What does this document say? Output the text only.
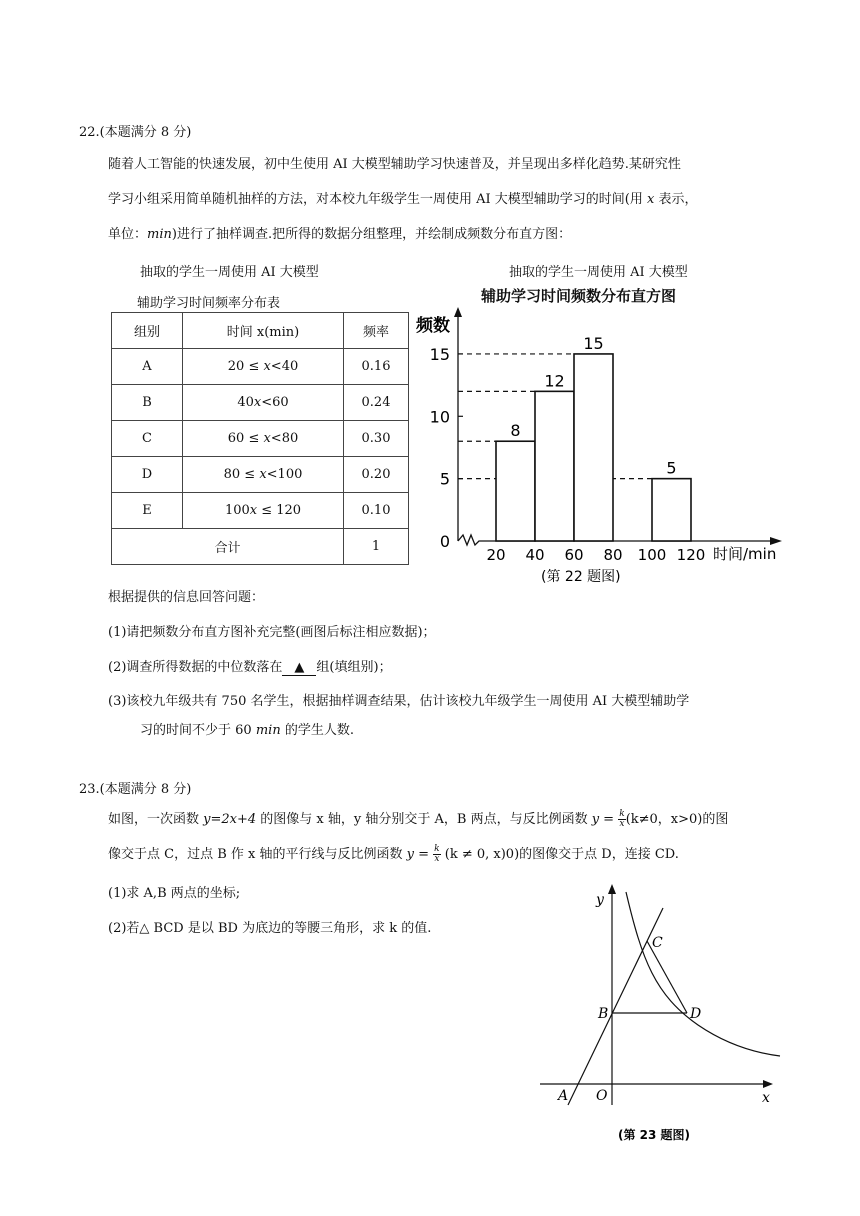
22.(本题满分 8 分)
随着人工智能的快速发展，初中生使用 AI 大模型辅助学习快速普及，并呈现出多样化趋势.某研究性
学习小组采用简单随机抽样的方法，对本校九年级学生一周使用 AI 大模型辅助学习的时间(用 x 表示，
单位：min)进行了抽样调查.把所得的数据分组整理，并绘制成频数分布直方图：
抽取的学生一周使用 AI 大模型
辅助学习时间频率分布表
组别	时间 x(min)	频率
A	20 ≤ 𝑥<40	0.16
B	40𝑥<60	0.24
C	60 ≤ 𝑥<80	0.30
D	80 ≤ 𝑥<100	0.20
E	100𝑥 ≤ 120	0.10
合计		1
抽取的学生一周使用 AI 大模型
辅助学习时间频数分布直方图
8
12
15
5
0
5
10
15
20 40 60 80 100 120
频数
时间/min
(第 22 题图)
根据提供的信息回答问题：
(1)请把频数分布直方图补充完整(画图后标注相应数据)；
(2)调查所得数据的中位数落在 ▲ 组(填组别)；
(3)该校九年级共有 750 名学生，根据抽样调查结果，估计该校九年级学生一周使用 AI 大模型辅助学
习的时间不少于 60 min 的学生人数.
23.(本题满分 8 分)
如图，一次函数 y=2x+4 的图像与 x 轴，y 轴分别交于 A，B 两点，与反比例函数 $y = \frac{k}{x} (k\ne 0$，x>0)的图
像交于点 C，过点 B 作 x 轴的平行线与反比例函数 $y = \frac{k}{x} (k \ne 0$, x)0)的图像交于点 D，连接 CD.
(1)求 A,B 两点的坐标;
(2)若△ BCD 是以 BD 为底边的等腰三角形，求 k 的值.
y
x
C
B	D
A O
(第 23 题图)
